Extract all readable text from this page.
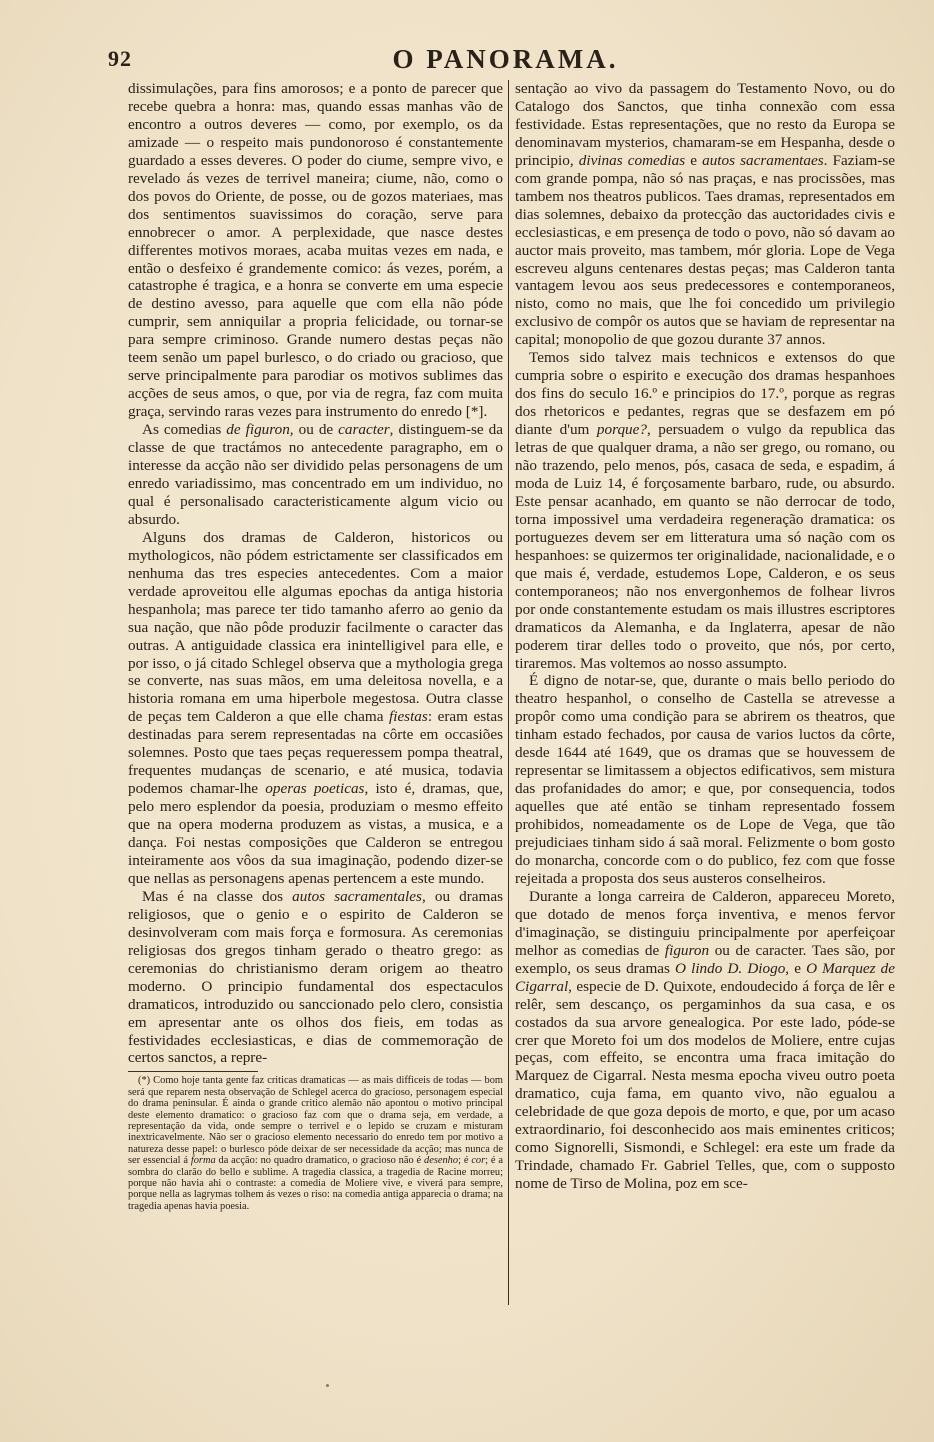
92	O PANORAMA.

dissimulações, para fins amorosos; e a ponto de parecer que recebe quebra a honra: mas, quando essas manhas vão de encontro a outros deveres — como, por exemplo, os da amizade — o respeito mais pundonoroso é constantemente guardado a esses deveres. O poder do ciume, sempre vivo, e revelado ás vezes de terrivel maneira; ciume, não, como o dos povos do Oriente, de posse, ou de gozos materiaes, mas dos sentimentos suavissimos do coração, serve para ennobrecer o amor. A perplexidade, que nasce destes differentes motivos moraes, acaba muitas vezes em nada, e então o desfeixo é grandemente comico: ás vezes, porém, a catastrophe é tragica, e a honra se converte em uma especie de destino avesso, para aquelle que com ella não póde cumprir, sem anniquilar a propria felicidade, ou tornar-se para sempre criminoso. Grande numero destas peças não teem senão um papel burlesco, o do criado ou gracioso, que serve principalmente para parodiar os motivos sublimes das acções de seus amos, o que, por via de regra, faz com muita graça, servindo raras vezes para instrumento do enredo [*].

As comedias de figuron, ou de caracter, distinguem-se da classe de que tractámos no antecedente paragrapho, em o interesse da acção não ser dividido pelas personagens de um enredo variadissimo, mas concentrado em um individuo, no qual é personalisado caracteristicamente algum vicio ou absurdo.

Alguns dos dramas de Calderon, historicos ou mythologicos, não pódem estrictamente ser classificados em nenhuma das tres especies antecedentes. Com a maior verdade aproveitou elle algumas epochas da antiga historia hespanhola; mas parece ter tido tamanho aferro ao genio da sua nação, que não pôde produzir facilmente o caracter das outras. A antiguidade classica era inintelligivel para elle, e por isso, o já citado Schlegel observa que a mythologia grega se converte, nas suas mãos, em uma deleitosa novella, e a historia romana em uma hiperbole megestosa. Outra classe de peças tem Calderon a que elle chama fiestas: eram estas destinadas para serem representadas na côrte em occasiões solemnes. Posto que taes peças requeressem pompa theatral, frequentes mudanças de scenario, e até musica, todavia podemos chamar-lhe operas poeticas, isto é, dramas, que, pelo mero esplendor da poesia, produziam o mesmo effeito que na opera moderna produzem as vistas, a musica, e a dança. Foi nestas composições que Calderon se entregou inteiramente aos vôos da sua imaginação, podendo dizer-se que nellas as personagens apenas pertencem a este mundo.

Mas é na classe dos autos sacramentales, ou dramas religiosos, que o genio e o espirito de Calderon se desinvolveram com mais força e formosura. As ceremonias religiosas dos gregos tinham gerado o theatro grego: as ceremonias do christianismo deram origem ao theatro moderno. O principio fundamental dos espectaculos dramaticos, introduzido ou sanccionado pelo clero, consistia em apresentar ante os olhos dos fieis, em todas as festividades ecclesiasticas, e dias de commemoração de certos sanctos, a repre-

(*) Como hoje tanta gente faz criticas dramaticas — as mais difficeis de todas — bom será que reparem nesta observação de Schlegel acerca do gracioso, personagem especial do drama peninsular. É ainda o grande critico alemão não apontou o motivo principal deste elemento dramatico: o gracioso faz com que o drama seja, em verdade, a representação da vida, onde sempre o terrivel e o lepido se cruzam e misturam inextricavelmente. Não ser o gracioso elemento necessario do enredo tem por motivo a natureza desse papel: o burlesco póde deixar de ser necessidade da acção; mas nunca de ser essencial á forma da acção: no quadro dramatico, o gracioso não é desenho; é cor; é a sombra do clarão do bello e sublime. A tragedia classica, a tragedia de Racine morreu; porque não havia ahi o contraste: a comedia de Moliere vive, e viverá para sempre, porque nella as lagrymas tolhem ás vezes o riso: na comedia antiga apparecia o drama; na tragedia apenas havia poesia.

sentação ao vivo da passagem do Testamento Novo, ou do Catalogo dos Sanctos, que tinha connexão com essa festividade. Estas representações, que no resto da Europa se denominavam mysterios, chamaram-se em Hespanha, desde o principio, divinas comedias e autos sacramentaes. Faziam-se com grande pompa, não só nas praças, e nas procissões, mas tambem nos theatros publicos. Taes dramas, representados em dias solemnes, debaixo da protecção das auctoridades civis e ecclesiasticas, e em presença de todo o povo, não só davam ao auctor mais proveito, mas tambem, mór gloria. Lope de Vega escreveu alguns centenares destas peças; mas Calderon tanta vantagem levou aos seus predecessores e contemporaneos, nisto, como no mais, que lhe foi concedido um privilegio exclusivo de compôr os autos que se haviam de representar na capital; monopolio de que gozou durante 37 annos.

Temos sido talvez mais technicos e extensos do que cumpria sobre o espirito e execução dos dramas hespanhoes dos fins do seculo 16.º e principios do 17.º, porque as regras dos rhetoricos e pedantes, regras que se desfazem em pó diante d'um porque?, persuadem o vulgo da republica das letras de que qualquer drama, a não ser grego, ou romano, ou não trazendo, pelo menos, pós, casaca de seda, e espadim, á moda de Luiz 14, é forçosamente barbaro, rude, ou absurdo. Este pensar acanhado, em quanto se não derrocar de todo, torna impossivel uma verdadeira regeneração dramatica: os portuguezes devem ser em litteratura uma só nação com os hespanhoes: se quizermos ter originalidade, nacionalidade, e o que mais é, verdade, estudemos Lope, Calderon, e os seus contemporaneos; não nos envergonhemos de folhear livros por onde constantemente estudam os mais illustres escriptores dramaticos da Alemanha, e da Inglaterra, apesar de não poderem tirar delles todo o proveito, que nós, por certo, tiraremos. Mas voltemos ao nosso assumpto.

É digno de notar-se, que, durante o mais bello periodo do theatro hespanhol, o conselho de Castella se atrevesse a propôr como uma condição para se abrirem os theatros, que tinham estado fechados, por causa de varios luctos da côrte, desde 1644 até 1649, que os dramas que se houvessem de representar se limitassem a objectos edificativos, sem mistura das profanidades do amor; e que, por consequencia, todos aquelles que até então se tinham representado fossem prohibidos, nomeadamente os de Lope de Vega, que tão prejudiciaes tinham sido á saã moral. Felizmente o bom gosto do monarcha, concorde com o do publico, fez com que fosse rejeitada a proposta dos seus austeros conselheiros.

Durante a longa carreira de Calderon, appareceu Moreto, que dotado de menos força inventiva, e menos fervor d'imaginação, se distinguiu principalmente por aperfeiçoar melhor as comedias de figuron ou de caracter. Taes são, por exemplo, os seus dramas O lindo D. Diogo, e O Marquez de Cigarral, especie de D. Quixote, endoudecido á força de lêr e relêr, sem descanço, os pergaminhos da sua casa, e os costados da sua arvore genealogica. Por este lado, póde-se crer que Moreto foi um dos modelos de Moliere, entre cujas peças, com effeito, se encontra uma fraca imitação do Marquez de Cigarral. Nesta mesma epocha viveu outro poeta dramatico, cuja fama, em quanto vivo, não egualou a celebridade de que goza depois de morto, e que, por um acaso extraordinario, foi desconhecido aos mais eminentes criticos; como Signorelli, Sismondi, e Schlegel: era este um frade da Trindade, chamado Fr. Gabriel Telles, que, com o supposto nome de Tirso de Molina, poz em sce-
